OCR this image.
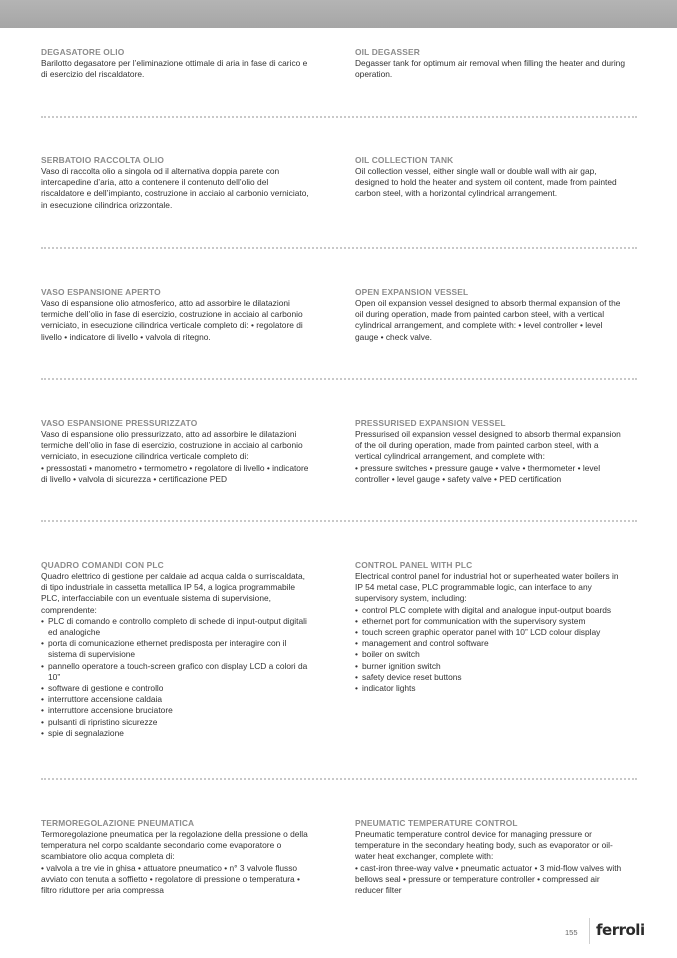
DEGASATORE OLIO

Barilotto degasatore per l’eliminazione ottimale di aria in fase di carico e di esercizio del riscaldatore.

OIL DEGASSER

Degasser tank for optimum air removal when filling the heater and during operation.

SERBATOIO RACCOLTA OLIO

Vaso di raccolta olio a singola od il alternativa doppia parete con intercapedine d’aria, atto a contenere il contenuto dell’olio del riscaldatore e dell’impianto, costruzione in acciaio al carbonio verniciato, in esecuzione cilindrica orizzontale.

OIL COLLECTION TANK

Oil collection vessel, either single wall or double wall with air gap, designed to hold the heater and system oil content, made from painted carbon steel, with a horizontal cylindrical arrangement.

VASO ESPANSIONE APERTO

Vaso di espansione olio atmosferico, atto ad assorbire le dilatazioni termiche dell’olio in fase di esercizio, costruzione in acciaio al carbonio verniciato, in esecuzione cilindrica verticale completo di: • regolatore di livello • indicatore di livello • valvola di ritegno.

OPEN EXPANSION VESSEL

Open oil expansion vessel designed to absorb thermal expansion of the oil during operation, made from painted carbon steel, with a vertical cylindrical arrangement, and complete with: • level controller • level gauge • check valve.

VASO ESPANSIONE PRESSURIZZATO

Vaso di espansione olio pressurizzato, atto ad assorbire le dilatazioni termiche dell’olio in fase di esercizio, costruzione in acciaio al carbonio verniciato, in esecuzione cilindrica verticale completo di:

• pressostati • manometro • termometro • regolatore di livello • indicatore di livello • valvola di sicurezza • certificazione PED

PRESSURISED EXPANSION VESSEL

Pressurised oil expansion vessel designed to absorb thermal expansion of the oil during operation, made from painted carbon steel, with a vertical cylindrical arrangement, and complete with:

• pressure switches • pressure gauge • valve • thermometer • level controller • level gauge • safety valve • PED certification

QUADRO COMANDI CON PLC

Quadro elettrico di gestione per caldaie ad acqua calda o surriscaldata, di tipo industriale in cassetta metallica IP 54, a logica programmabile PLC, interfacciabile con un eventuale sistema di supervisione, comprendente:

• PLC di comando e controllo completo di schede di input-output digitali ed analogiche
• porta di comunicazione ethernet predisposta per interagire con il sistema di supervisione
• pannello operatore a touch-screen grafico con display LCD a colori da 10”
• software di gestione e controllo
• interruttore accensione caldaia
• interruttore accensione bruciatore
• pulsanti di ripristino sicurezze
• spie di segnalazione
CONTROL PANEL WITH PLC

Electrical control panel for industrial hot or superheated water boilers in IP 54 metal case, PLC programmable logic, can interface to any supervisory system, including:

• control PLC complete with digital and analogue input-output boards
• ethernet port for communication with the supervisory system
• touch screen graphic operator panel with 10” LCD colour display
• management and control software
• boiler on switch
• burner ignition switch
• safety device reset buttons
• indicator lights
TERMOREGOLAZIONE PNEUMATICA

Termoregolazione pneumatica per la regolazione della pressione o della temperatura nel corpo scaldante secondario come evaporatore o scambiatore olio acqua completa di:

• valvola a tre vie in ghisa • attuatore pneumatico • n° 3 valvole flusso avviato con tenuta a soffietto • regolatore di pressione o temperatura • filtro riduttore per aria compressa

PNEUMATIC TEMPERATURE CONTROL

Pneumatic temperature control device for managing pressure or temperature in the secondary heating body, such as evaporator or oil-water heat exchanger, complete with:

• cast-iron three-way valve • pneumatic actuator • 3 mid-flow valves with bellows seal • pressure or temperature controller • compressed air reducer filter

155 ferroli
